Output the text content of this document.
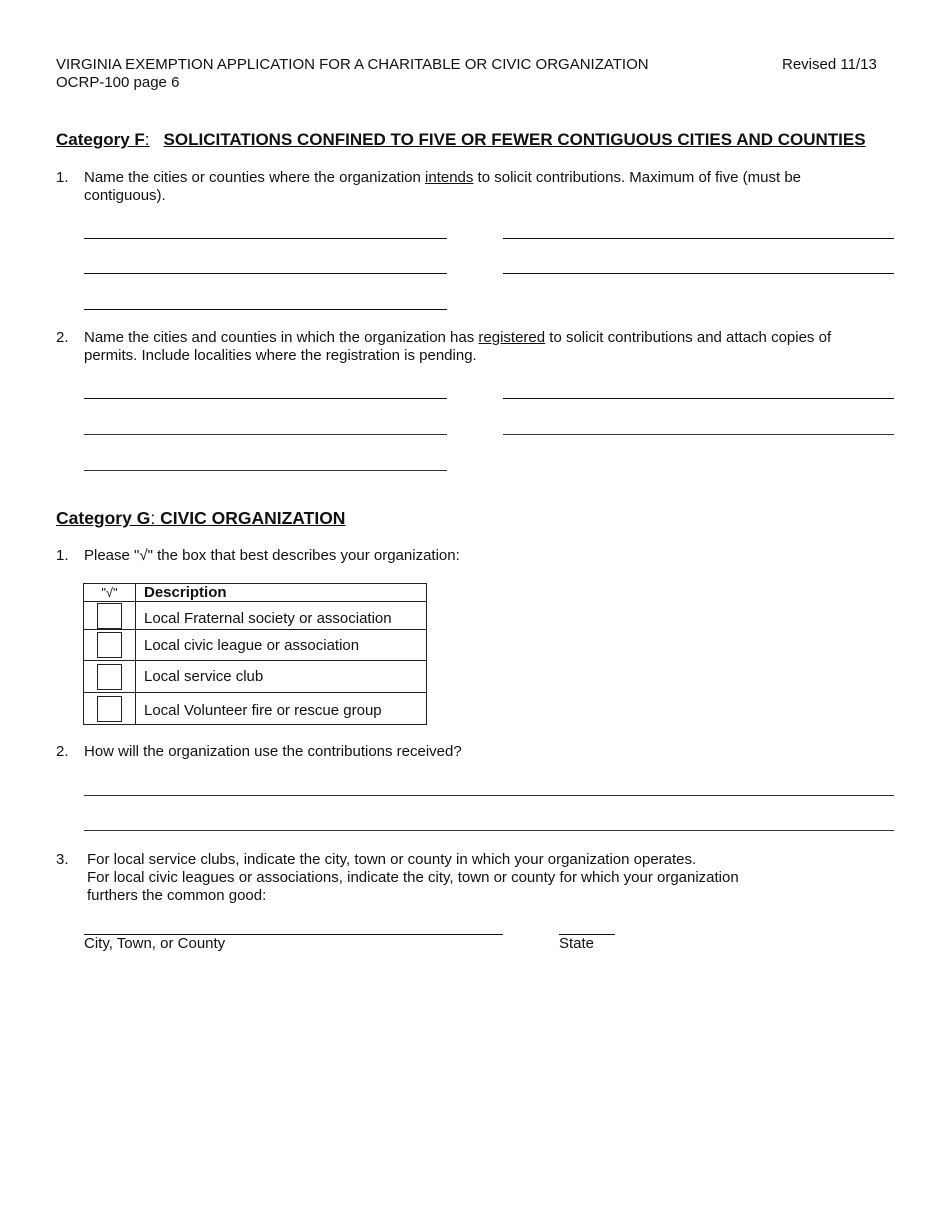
VIRGINIA EXEMPTION APPLICATION FOR A CHARITABLE OR CIVIC ORGANIZATION	Revised 11/13
OCRP-100 page 6
Category F: SOLICITATIONS CONFINED TO FIVE OR FEWER CONTIGUOUS CITIES AND COUNTIES
1. Name the cities or counties where the organization intends to solicit contributions. Maximum of five (must be
contiguous).
2. Name the cities and counties in which the organization has registered to solicit contributions and attach copies of
permits. Include localities where the registration is pending.
Category G: CIVIC ORGANIZATION
1. Please "√" the box that best describes your organization:
"√"	Description
	Local Fraternal society or association
	Local civic league or association
	Local service club
	Local Volunteer fire or rescue group
2. How will the organization use the contributions received?
3. For local service clubs, indicate the city, town or county in which your organization operates.
For local civic leagues or associations, indicate the city, town or county for which your organization
furthers the common good:
City, Town, or County	State
